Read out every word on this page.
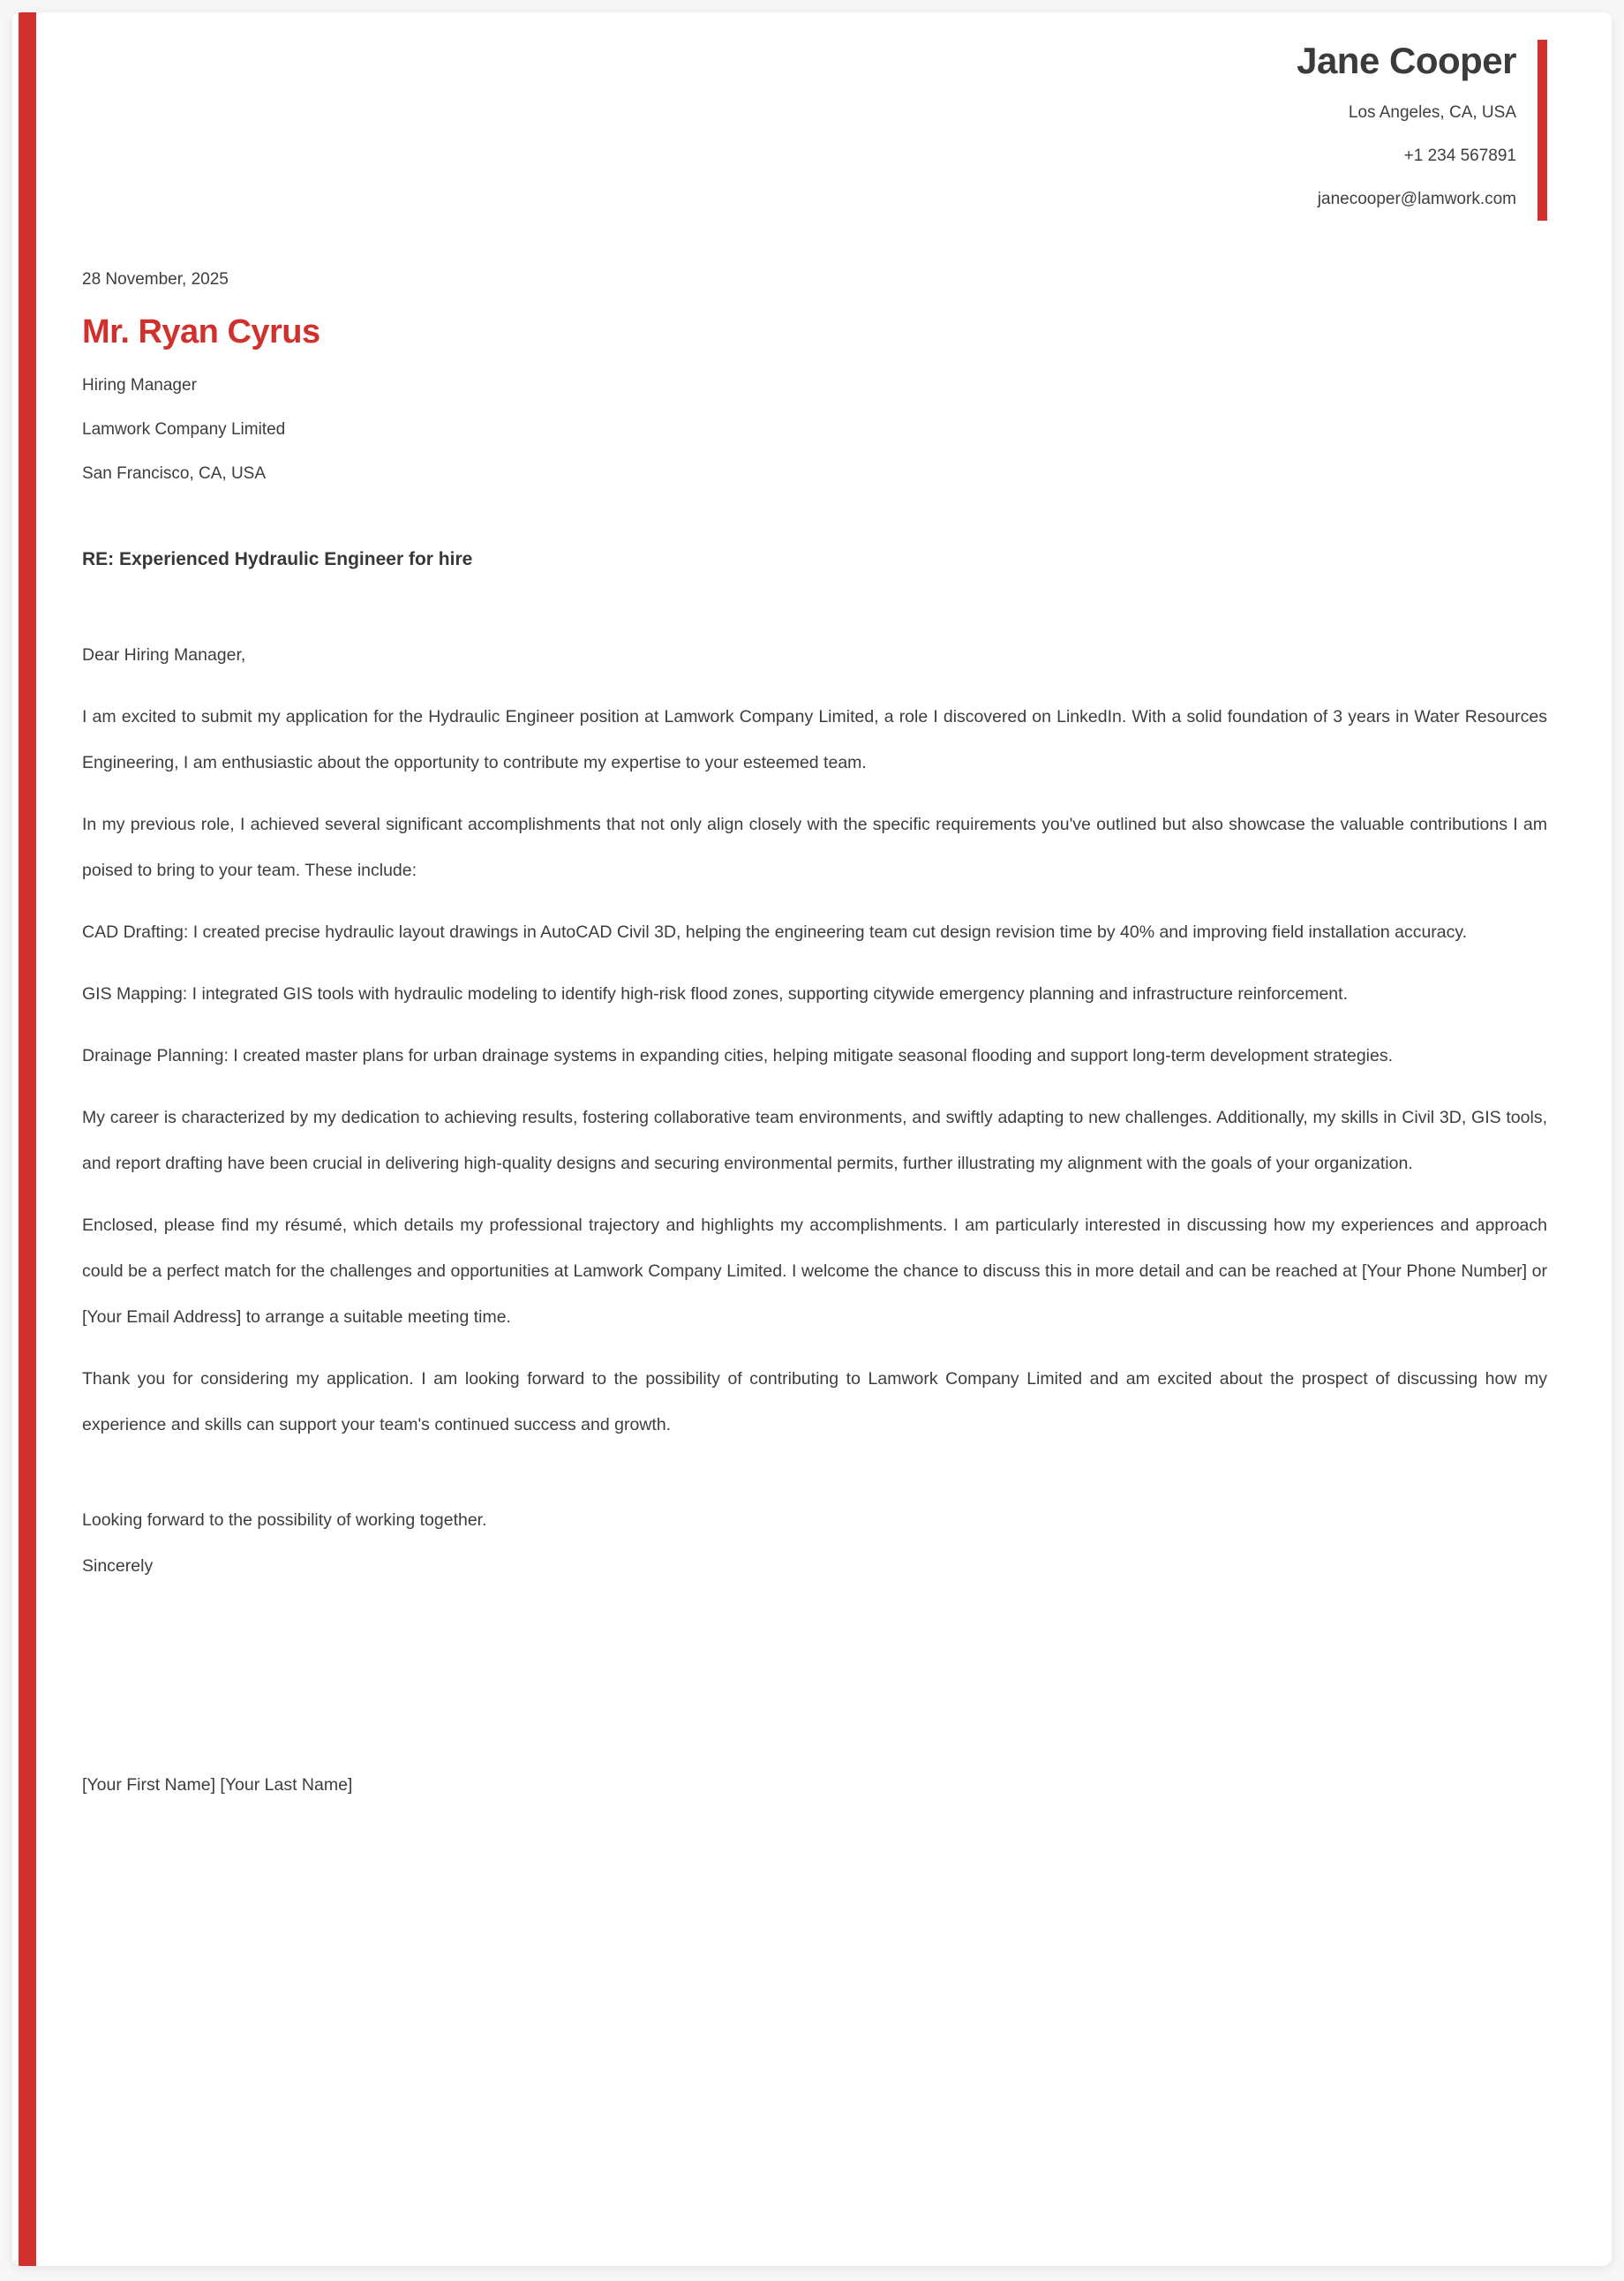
Jane Cooper
Los Angeles, CA, USA
+1 234 567891
janecooper@lamwork.com
28 November, 2025
Mr. Ryan Cyrus
Hiring Manager
Lamwork Company Limited
San Francisco, CA, USA
RE: Experienced Hydraulic Engineer for hire

Dear Hiring Manager,

I am excited to submit my application for the Hydraulic Engineer position at Lamwork Company Limited, a role I discovered on LinkedIn. With a solid foundation of 3 years in Water Resources Engineering, I am enthusiastic about the opportunity to contribute my expertise to your esteemed team.

In my previous role, I achieved several significant accomplishments that not only align closely with the specific requirements you've outlined but also showcase the valuable contributions I am poised to bring to your team. These include:

CAD Drafting: I created precise hydraulic layout drawings in AutoCAD Civil 3D, helping the engineering team cut design revision time by 40% and improving field installation accuracy.

GIS Mapping: I integrated GIS tools with hydraulic modeling to identify high-risk flood zones, supporting citywide emergency planning and infrastructure reinforcement.

Drainage Planning: I created master plans for urban drainage systems in expanding cities, helping mitigate seasonal flooding and support long-term development strategies.

My career is characterized by my dedication to achieving results, fostering collaborative team environments, and swiftly adapting to new challenges. Additionally, my skills in Civil 3D, GIS tools, and report drafting have been crucial in delivering high-quality designs and securing environmental permits, further illustrating my alignment with the goals of your organization.

Enclosed, please find my résumé, which details my professional trajectory and highlights my accomplishments. I am particularly interested in discussing how my experiences and approach could be a perfect match for the challenges and opportunities at Lamwork Company Limited. I welcome the chance to discuss this in more detail and can be reached at [Your Phone Number] or [Your Email Address] to arrange a suitable meeting time.

Thank you for considering my application. I am looking forward to the possibility of contributing to Lamwork Company Limited and am excited about the prospect of discussing how my experience and skills can support your team's continued success and growth.

Looking forward to the possibility of working together.
Sincerely
[Your First Name] [Your Last Name]
